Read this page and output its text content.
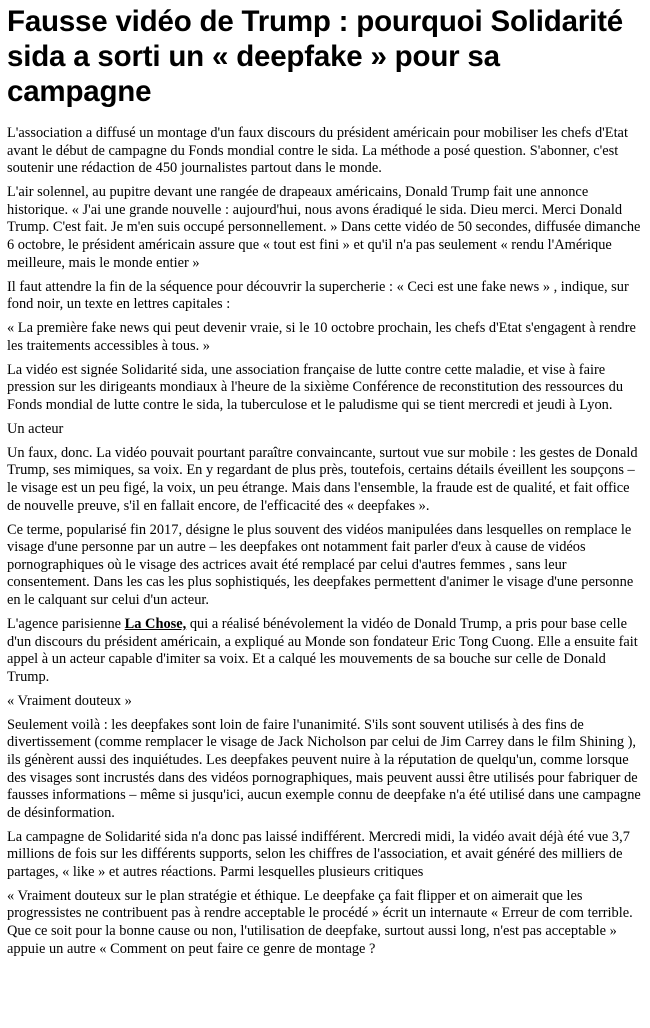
Fausse vidéo de Trump : pourquoi Solidarité sida a sorti un « deepfake » pour sa campagne

L'association a diffusé un montage d'un faux discours du président américain pour mobiliser les chefs d'Etat avant le début de campagne du Fonds mondial contre le sida. La méthode a posé question. S'abonner, c'est soutenir une rédaction de 450 journalistes partout dans le monde.

L'air solennel, au pupitre devant une rangée de drapeaux américains, Donald Trump fait une annonce historique. « J'ai une grande nouvelle : aujourd'hui, nous avons éradiqué le sida. Dieu merci. Merci Donald Trump. C'est fait. Je m'en suis occupé personnellement. » Dans cette vidéo de 50 secondes, diffusée dimanche 6 octobre, le président américain assure que « tout est fini » et qu'il n'a pas seulement « rendu l'Amérique meilleure, mais le monde entier »

Il faut attendre la fin de la séquence pour découvrir la supercherie : « Ceci est une fake news » , indique, sur fond noir, un texte en lettres capitales :

« La première fake news qui peut devenir vraie, si le 10 octobre prochain, les chefs d'Etat s'engagent à rendre les traitements accessibles à tous. »

La vidéo est signée Solidarité sida, une association française de lutte contre cette maladie, et vise à faire pression sur les dirigeants mondiaux à l'heure de la sixième Conférence de reconstitution des ressources du Fonds mondial de lutte contre le sida, la tuberculose et le paludisme qui se tient mercredi et jeudi à Lyon.

Un acteur

Un faux, donc. La vidéo pouvait pourtant paraître convaincante, surtout vue sur mobile : les gestes de Donald Trump, ses mimiques, sa voix. En y regardant de plus près, toutefois, certains détails éveillent les soupçons – le visage est un peu figé, la voix, un peu étrange. Mais dans l'ensemble, la fraude est de qualité, et fait office de nouvelle preuve, s'il en fallait encore, de l'efficacité des « deepfakes ».

Ce terme, popularisé fin 2017, désigne le plus souvent des vidéos manipulées dans lesquelles on remplace le visage d'une personne par un autre – les deepfakes ont notamment fait parler d'eux à cause de vidéos pornographiques où le visage des actrices avait été remplacé par celui d'autres femmes , sans leur consentement. Dans les cas les plus sophistiqués, les deepfakes permettent d'animer le visage d'une personne en le calquant sur celui d'un acteur.

L'agence parisienne La Chose, qui a réalisé bénévolement la vidéo de Donald Trump, a pris pour base celle d'un discours du président américain, a expliqué au Monde son fondateur Eric Tong Cuong. Elle a ensuite fait appel à un acteur capable d'imiter sa voix. Et a calqué les mouvements de sa bouche sur celle de Donald Trump.

« Vraiment douteux »

Seulement voilà : les deepfakes sont loin de faire l'unanimité. S'ils sont souvent utilisés à des fins de divertissement (comme remplacer le visage de Jack Nicholson par celui de Jim Carrey dans le film Shining ), ils génèrent aussi des inquiétudes. Les deepfakes peuvent nuire à la réputation de quelqu'un, comme lorsque des visages sont incrustés dans des vidéos pornographiques, mais peuvent aussi être utilisés pour fabriquer de fausses informations – même si jusqu'ici, aucun exemple connu de deepfake n'a été utilisé dans une campagne de désinformation.

La campagne de Solidarité sida n'a donc pas laissé indifférent. Mercredi midi, la vidéo avait déjà été vue 3,7 millions de fois sur les différents supports, selon les chiffres de l'association, et avait généré des milliers de partages, « like » et autres réactions. Parmi lesquelles plusieurs critiques

« Vraiment douteux sur le plan stratégie et éthique. Le deepfake ça fait flipper et on aimerait que les progressistes ne contribuent pas à rendre acceptable le procédé » écrit un internaute « Erreur de com terrible. Que ce soit pour la bonne cause ou non, l'utilisation de deepfake, surtout aussi long, n'est pas acceptable » appuie un autre « Comment on peut faire ce genre de montage ?
